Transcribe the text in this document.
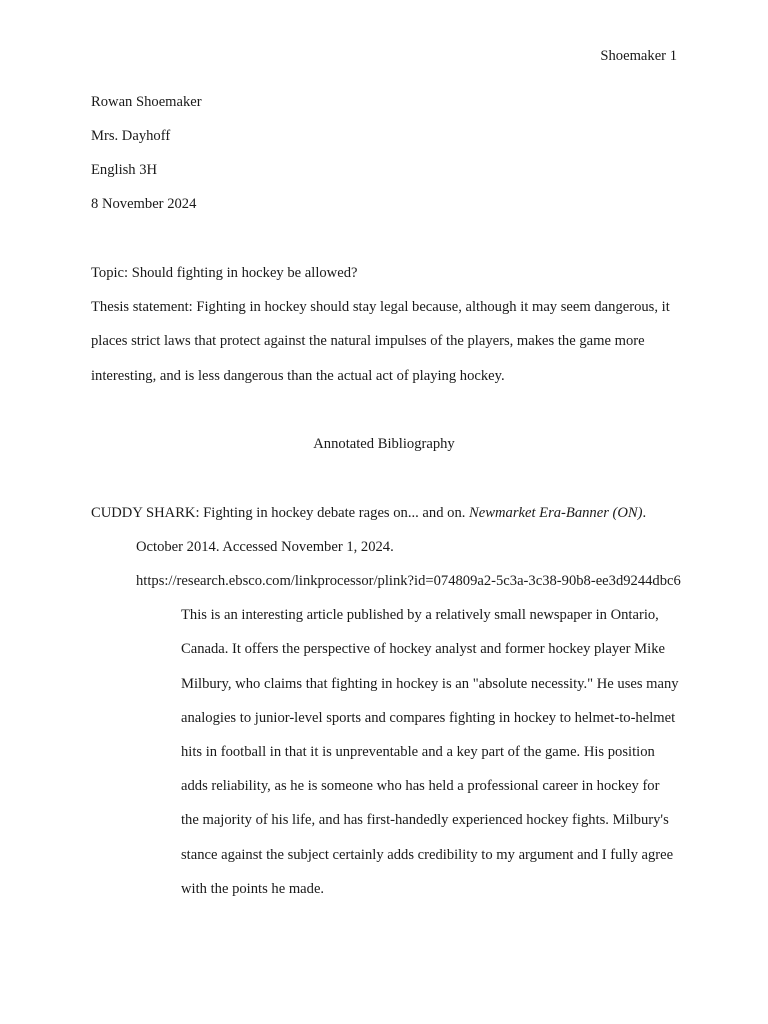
Shoemaker 1
Rowan Shoemaker
Mrs. Dayhoff
English 3H
8 November 2024
Topic: Should fighting in hockey be allowed?
Thesis statement: Fighting in hockey should stay legal because, although it may seem dangerous, it
places strict laws that protect against the natural impulses of the players, makes the game more
interesting, and is less dangerous than the actual act of playing hockey.
Annotated Bibliography
CUDDY SHARK: Fighting in hockey debate rages on... and on. Newmarket Era-Banner (ON).
October 2014. Accessed November 1, 2024.
https://research.ebsco.com/linkprocessor/plink?id=074809a2-5c3a-3c38-90b8-ee3d9244dbc6
This is an interesting article published by a relatively small newspaper in Ontario,
Canada. It offers the perspective of hockey analyst and former hockey player Mike
Milbury, who claims that fighting in hockey is an "absolute necessity." He uses many
analogies to junior-level sports and compares fighting in hockey to helmet-to-helmet
hits in football in that it is unpreventable and a key part of the game. His position
adds reliability, as he is someone who has held a professional career in hockey for
the majority of his life, and has first-handedly experienced hockey fights. Milbury's
stance against the subject certainly adds credibility to my argument and I fully agree
with the points he made.
